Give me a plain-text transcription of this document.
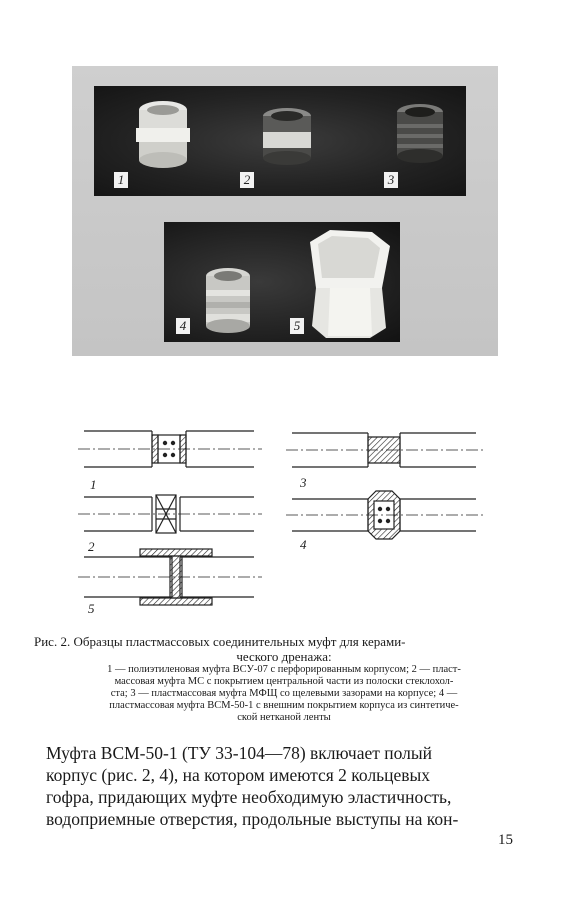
1	2	3
4	5
1	3
2	4
5
Рис. 2. Образцы пластмассовых соединительных муфт для керами-
ческого дренажа:
1 — полиэтиленовая муфта ВСУ-07 с перфорированным корпусом; 2 — пласт-
массовая муфта МС с покрытием центральной части из полоски стеклохол-
ста; 3 — пластмассовая муфта МФЩ со щелевыми зазорами на корпусе; 4 —
пластмассовая муфта ВСМ-50-1 с внешним покрытием корпуса из синтетиче-
ской нетканой ленты
Муфта ВСМ-50-1 (ТУ 33-104—78) включает полый
корпус (рис. 2, 4), на котором имеются 2 кольцевых
гофра, придающих муфте необходимую эластичность,
водоприемные отверстия, продольные выступы на кон-
15
